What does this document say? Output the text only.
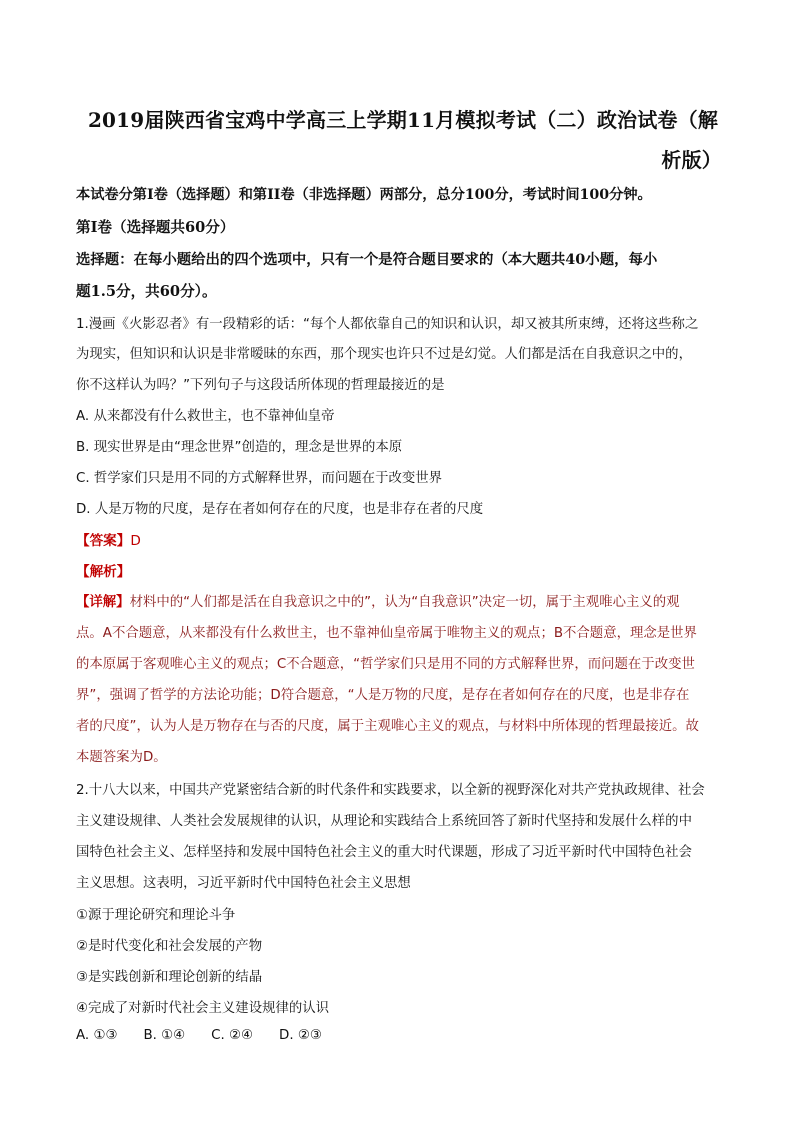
2019届陕西省宝鸡中学高三上学期11月模拟考试（二）政治试卷（解
析版）
本试卷分第I卷（选择题）和第II卷（非选择题）两部分，总分100分，考试时间100分钟。
第I卷（选择题共60分）
选择题：在每小题给出的四个选项中，只有一个是符合题目要求的（本大题共40小题，每小
题1.5分，共60分）。
1.漫画《火影忍者》有一段精彩的话：“每个人都依靠自己的知识和认识，却又被其所束缚，还将这些称之
为现实，但知识和认识是非常暧昧的东西，那个现实也许只不过是幻觉。人们都是活在自我意识之中的，
你不这样认为吗？”下列句子与这段话所体现的哲理最接近的是
A. 从来都没有什么救世主，也不靠神仙皇帝
B. 现实世界是由“理念世界”创造的，理念是世界的本原
C. 哲学家们只是用不同的方式解释世界，而问题在于改变世界
D. 人是万物的尺度，是存在者如何存在的尺度，也是非存在者的尺度
【答案】D
【解析】
【详解】材料中的“人们都是活在自我意识之中的”，认为“自我意识”决定一切，属于主观唯心主义的观
点。A不合题意，从来都没有什么救世主，也不靠神仙皇帝属于唯物主义的观点；B不合题意，理念是世界
的本原属于客观唯心主义的观点；C不合题意，“哲学家们只是用不同的方式解释世界，而问题在于改变世
界”，强调了哲学的方法论功能；D符合题意，“人是万物的尺度，是存在者如何存在的尺度，也是非存在
者的尺度”，认为人是万物存在与否的尺度，属于主观唯心主义的观点，与材料中所体现的哲理最接近。故
本题答案为D。
2.十八大以来，中国共产党紧密结合新的时代条件和实践要求，以全新的视野深化对共产党执政规律、社会
主义建设规律、人类社会发展规律的认识，从理论和实践结合上系统回答了新时代坚持和发展什么样的中
国特色社会主义、怎样坚持和发展中国特色社会主义的重大时代课题，形成了习近平新时代中国特色社会
主义思想。这表明，习近平新时代中国特色社会主义思想
①源于理论研究和理论斗争
②是时代变化和社会发展的产物
③是实践创新和理论创新的结晶
④完成了对新时代社会主义建设规律的认识
A. ①③ B. ①④ C. ②④ D. ②③
